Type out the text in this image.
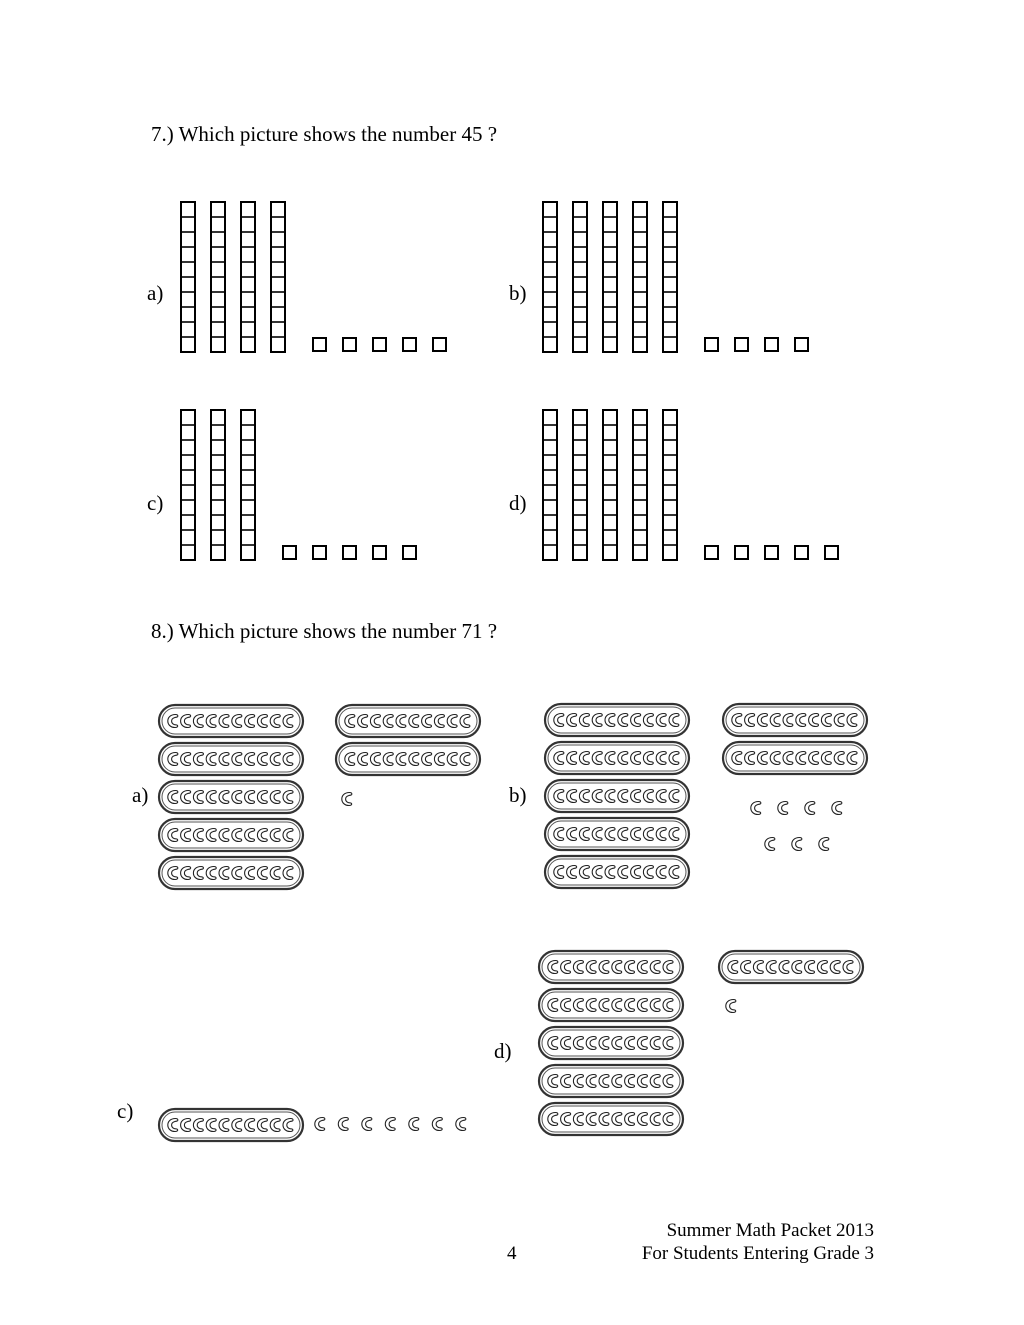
7.) Which picture shows the number 45 ?
a)	b)
c)	d)
8.) Which picture shows the number 71 ?
a)	b)
c)
d)
Summer Math Packet 2013
For Students Entering Grade 3
4
